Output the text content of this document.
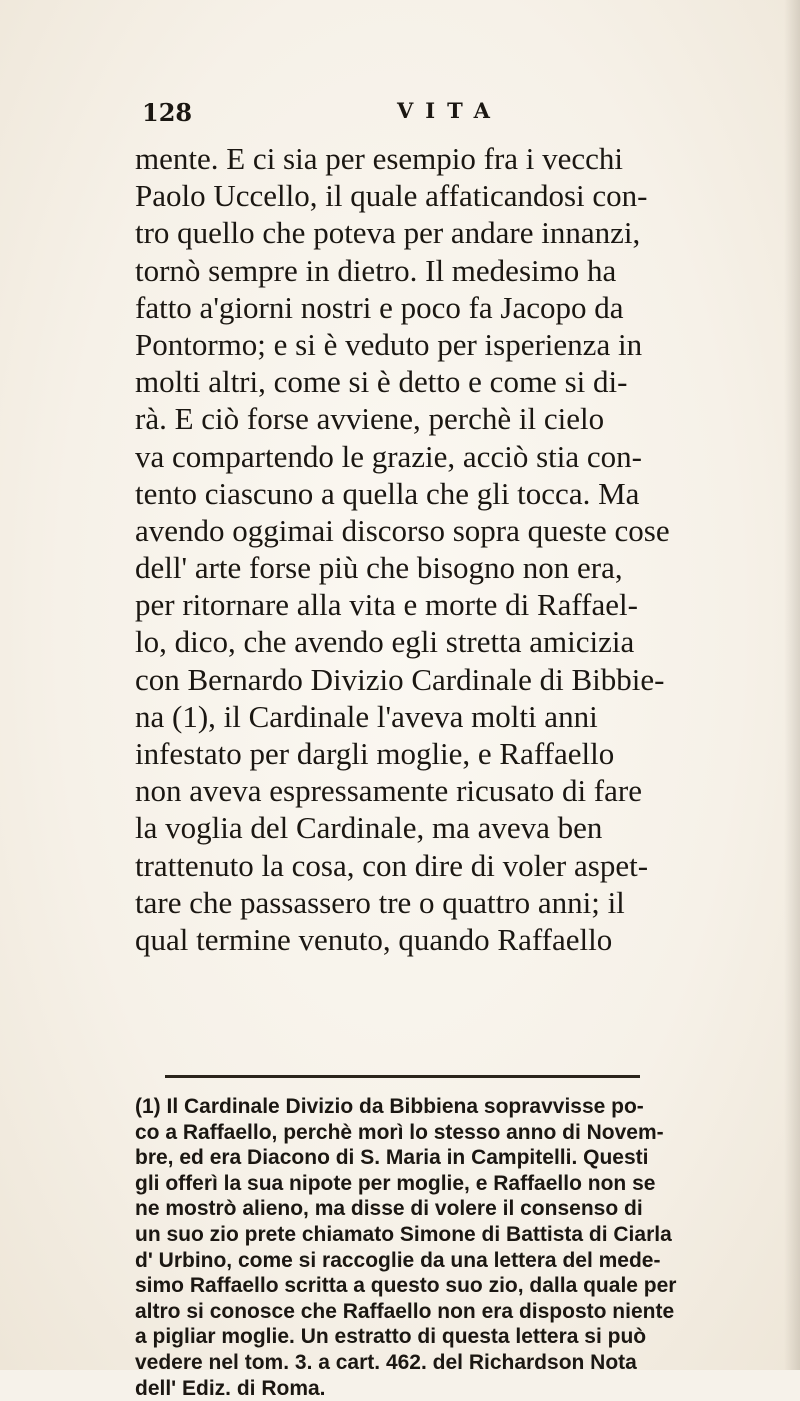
128	VITA
mente. E ci sia per esempio fra i vecchi
Paolo Uccello, il quale affaticandosi con-
tro quello che poteva per andare innanzi,
tornò sempre in dietro. Il medesimo ha
fatto a'giorni nostri e poco fa Jacopo da
Pontormo; e si è veduto per isperienza in
molti altri, come si è detto e come si di-
rà. E ciò forse avviene, perchè il cielo
va compartendo le grazie, acciò stia con-
tento ciascuno a quella che gli tocca. Ma
avendo oggimai discorso sopra queste cose
dell' arte forse più che bisogno non era,
per ritornare alla vita e morte di Raffael-
lo, dico, che avendo egli stretta amicizia
con Bernardo Divizio Cardinale di Bibbie-
na (1), il Cardinale l'aveva molti anni
infestato per dargli moglie, e Raffaello
non aveva espressamente ricusato di fare
la voglia del Cardinale, ma aveva ben
trattenuto la cosa, con dire di voler aspet-
tare che passassero tre o quattro anni; il
qual termine venuto, quando Raffaello
(1) Il Cardinale Divizio da Bibbiena sopravvisse po-
co a Raffaello, perchè morì lo stesso anno di Novem-
bre, ed era Diacono di S. Maria in Campitelli. Questi
gli offerì la sua nipote per moglie, e Raffaello non se
ne mostrò alieno, ma disse di volere il consenso di
un suo zio prete chiamato Simone di Battista di Ciarla
d' Urbino, come si raccoglie da una lettera del mede-
simo Raffaello scritta a questo suo zio, dalla quale per
altro si conosce che Raffaello non era disposto niente
a pigliar moglie. Un estratto di questa lettera si può
vedere nel tom. 3. a cart. 462. del Richardson Nota
dell' Ediz. di Roma.
